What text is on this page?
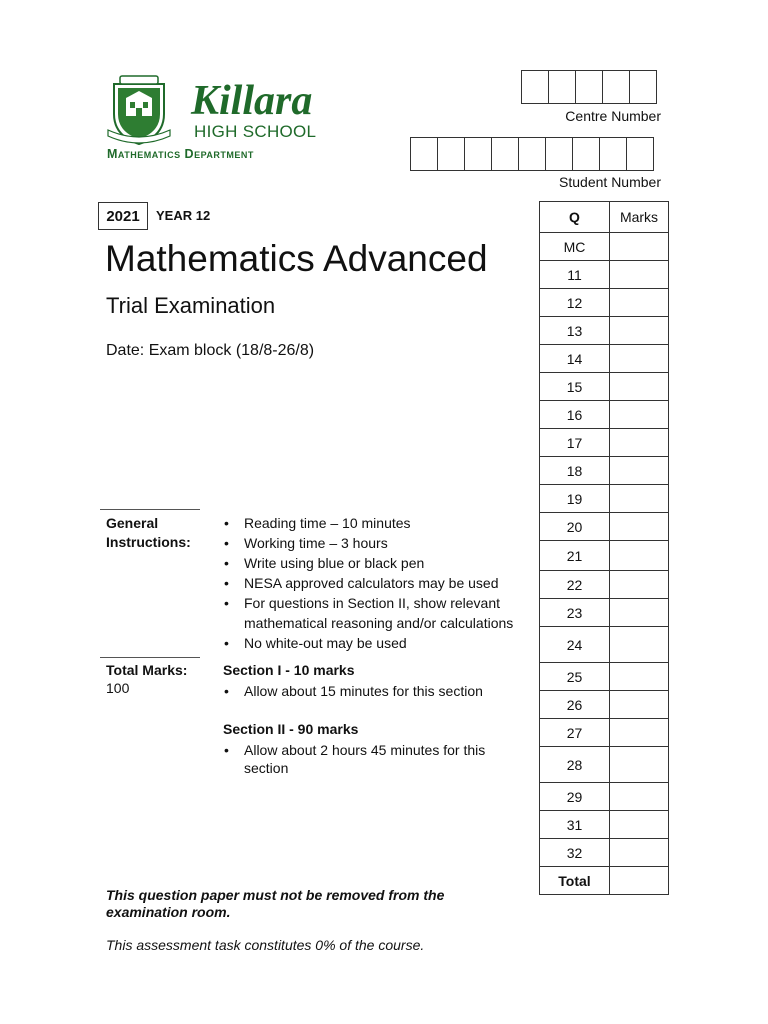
Killara
HIGH SCHOOL
Mathematics Department
Centre Number
Student Number
2021	YEAR 12
Mathematics Advanced
Trial Examination
Date: Exam block (18/8-26/8)
General
Instructions:
• Reading time – 10 minutes
• Working time – 3 hours
• Write using blue or black pen
• NESA approved calculators may be used
• For questions in Section II, show relevant mathematical reasoning and/or calculations
• No white-out may be used
Total Marks:
100
Section I - 10 marks
• Allow about 15 minutes for this section
Section II - 90 marks
• Allow about 2 hours 45 minutes for this section
This question paper must not be removed from the examination room.
This assessment task constitutes 0% of the course.
Q	Marks
MC	
11	
12	
13	
14	
15	
16	
17	
18	
19	
20	
21	
22	
23	
24	
25	
26	
27	
28	
29	
31	
32	
Total	
